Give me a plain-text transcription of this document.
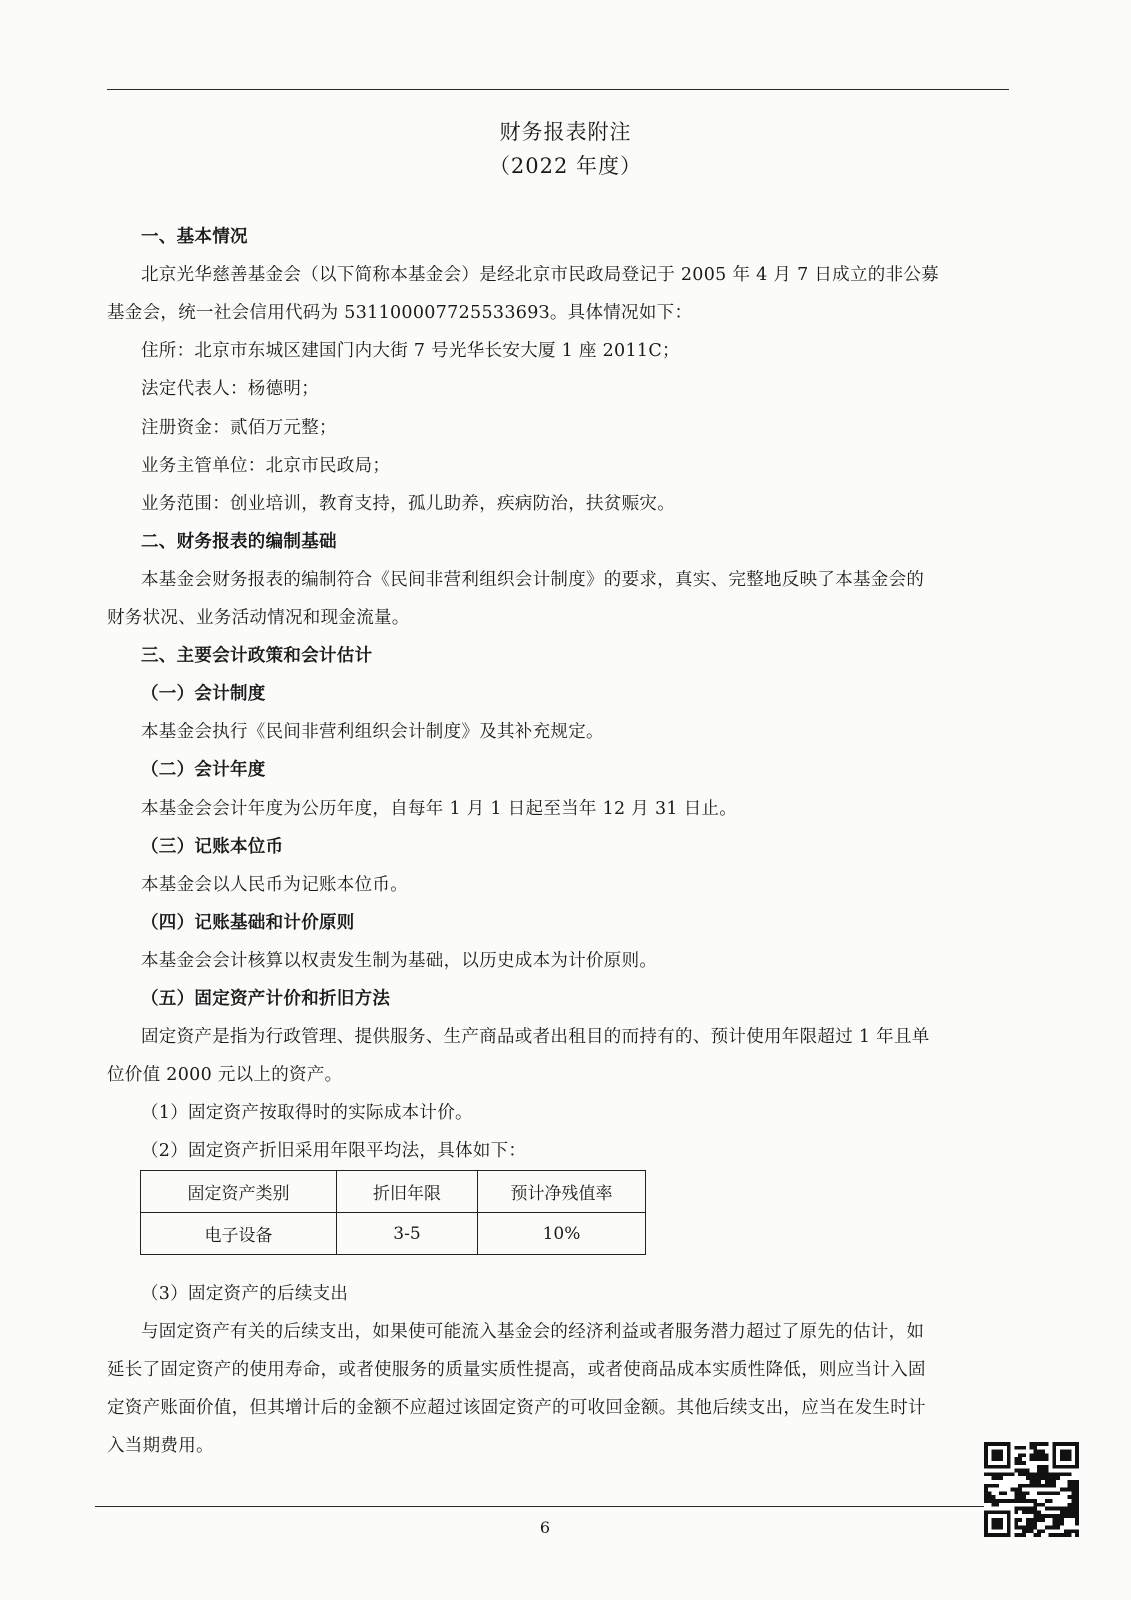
财务报表附注
（2022 年度）
一、基本情况
北京光华慈善基金会（以下简称本基金会）是经北京市民政局登记于 2005 年 4 月 7 日成立的非公募
基金会，统一社会信用代码为 53110000772553369З。具体情况如下：
住所：北京市东城区建国门内大街 7 号光华长安大厦 1 座 2011C；
法定代表人：杨德明；
注册资金：贰佰万元整；
业务主管单位：北京市民政局；
业务范围：创业培训，教育支持，孤儿助养，疾病防治，扶贫赈灾。
二、财务报表的编制基础
本基金会财务报表的编制符合《民间非营利组织会计制度》的要求，真实、完整地反映了本基金会的
财务状况、业务活动情况和现金流量。
三、主要会计政策和会计估计
（一）会计制度
本基金会执行《民间非营利组织会计制度》及其补充规定。
（二）会计年度
本基金会会计年度为公历年度，自每年 1 月 1 日起至当年 12 月 31 日止。
（三）记账本位币
本基金会以人民币为记账本位币。
（四）记账基础和计价原则
本基金会会计核算以权责发生制为基础，以历史成本为计价原则。
（五）固定资产计价和折旧方法
固定资产是指为行政管理、提供服务、生产商品或者出租目的而持有的、预计使用年限超过 1 年且单
位价值 2000 元以上的资产。
（1）固定资产按取得时的实际成本计价。
（2）固定资产折旧采用年限平均法，具体如下：
固定资产类别	折旧年限	预计净残值率
电子设备	3-5	10%
（3）固定资产的后续支出
与固定资产有关的后续支出，如果使可能流入基金会的经济利益或者服务潜力超过了原先的估计，如
延长了固定资产的使用寿命，或者使服务的质量实质性提高，或者使商品成本实质性降低，则应当计入固
定资产账面价值，但其增计后的金额不应超过该固定资产的可收回金额。其他后续支出，应当在发生时计
入当期费用。
6
